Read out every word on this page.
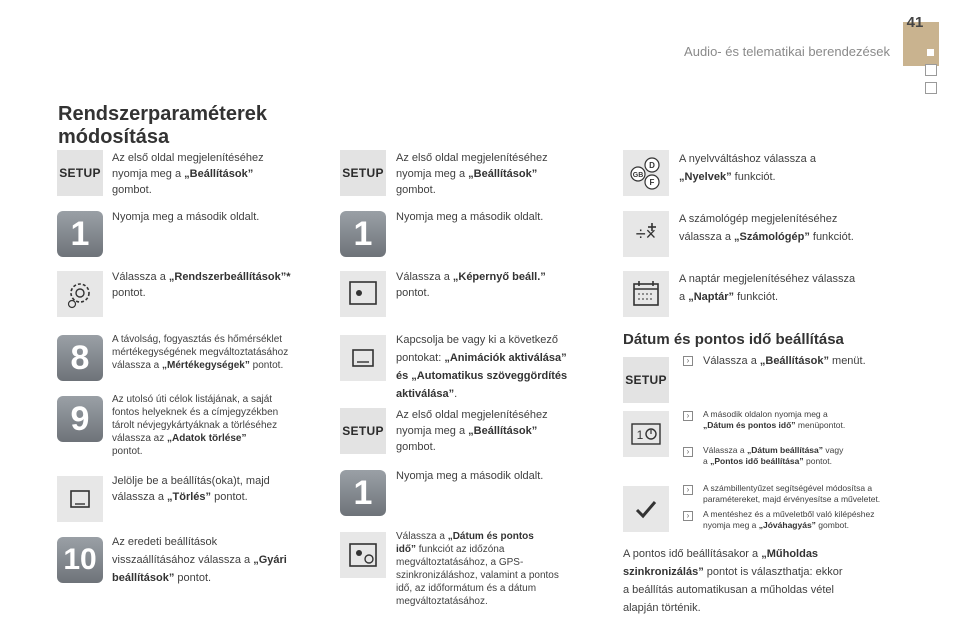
41
Audio- és telematikai berendezések
Rendszerparaméterek
módosítása
SETUP
Az első oldal megjelenítéséhez
nyomja meg a „Beállítások”
gombot.
1	Nyomja meg a második oldalt.
Válassza a „Rendszerbeállítások”*
pontot.
8	A távolság, fogyasztás és hőmérséklet
mértékegységének megváltoztatásához
válassza a „Mértékegységek” pontot.
9
Az utolsó úti célok listájának, a saját
fontos helyeknek és a címjegyzékben
tárolt névjegykártyáknak a törléséhez
válassza az „Adatok törlése”
pontot.
Jelölje be a beállítás(oka)t, majd
válassza a „Törlés” pontot.
10
Az eredeti beállítások
visszaállításához válassza a „Gyári
beállítások” pontot.
SETUP
Az első oldal megjelenítéséhez
nyomja meg a „Beállítások”
gombot.
1	Nyomja meg a második oldalt.
Válassza a „Képernyő beáll.”
pontot.
Kapcsolja be vagy ki a következő
pontokat: „Animációk aktiválása”
és „Automatikus szöveggördítés
aktiválása”.
SETUP
Az első oldal megjelenítéséhez
nyomja meg a „Beállítások”
gombot.
1	Nyomja meg a második oldalt.
Válassza a „Dátum és pontos
idő” funkciót az időzóna
megváltoztatásához, a GPS-
szinkronizáláshoz, valamint a pontos
idő, az időformátum és a dátum
megváltoztatásához.
D
GB
F
A nyelvváltáshoz válassza a
„Nyelvek” funkciót.
÷×
A számológép megjelenítéséhez
válassza a „Számológép” funkciót.
A naptár megjelenítéséhez válassza
a „Naptár” funkciót.
Dátum és pontos idő beállítása
SETUP
›	Válassza a „Beállítások” menüt.
1
›	A második oldalon nyomja meg a
„Dátum és pontos idő” menüpontot.
›	Válassza a „Dátum beállítása” vagy
a „Pontos idő beállítása” pontot.
›	A számbillentyűzet segítségével módosítsa a
paramétereket, majd érvényesítse a műveletet.
›	A mentéshez és a műveletből való kilépéshez
nyomja meg a „Jóváhagyás” gombot.
A pontos idő beállításakor a „Műholdas
szinkronizálás” pontot is választhatja: ekkor
a beállítás automatikusan a műholdas vétel
alapján történik.
